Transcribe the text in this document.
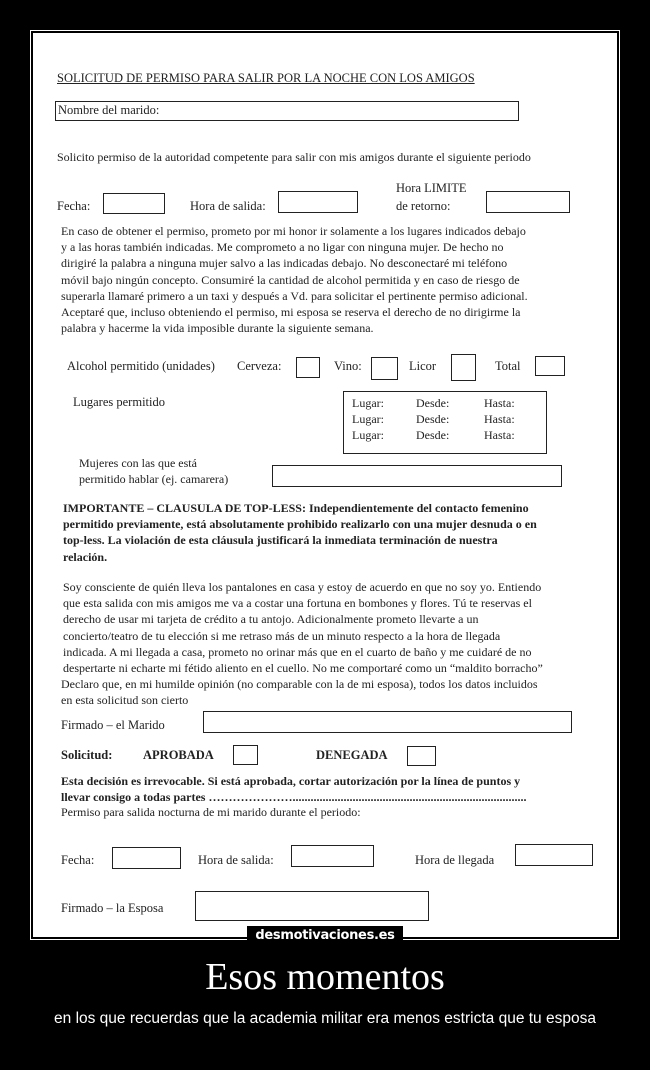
SOLICITUD DE PERMISO PARA SALIR POR LA NOCHE CON LOS AMIGOS
Nombre del marido:
Solicito permiso de la autoridad competente para salir con mis amigos durante el siguiente periodo
Fecha:	Hora de salida:
Hora LIMITE
de retorno:
En caso de obtener el permiso, prometo por mi honor ir solamente a los lugares indicados debajo
y a las horas también indicadas. Me comprometo a no ligar con ninguna mujer. De hecho no
dirigiré la palabra a ninguna mujer salvo a las indicadas debajo. No desconectaré mi teléfono
móvil bajo ningún concepto. Consumiré la cantidad de alcohol permitida y en caso de riesgo de
superarla llamaré primero a un taxi y después a Vd. para solicitar el pertinente permiso adicional.
Aceptaré que, incluso obteniendo el permiso, mi esposa se reserva el derecho de no dirigirme la
palabra y hacerme la vida imposible durante la siguiente semana.
Alcohol permitido (unidades) Cerveza:	Vino:	Licor	Total
Lugares permitido	Lugar:	Desde:	Hasta:
Lugar:	Desde:	Hasta:
Lugar:	Desde:	Hasta:
Mujeres con las que está
permitido hablar (ej. camarera)
IMPORTANTE – CLAUSULA DE TOP-LESS: Independientemente del contacto femenino
permitido previamente, está absolutamente prohibido realizarlo con una mujer desnuda o en
top-less. La violación de esta cláusula justificará la inmediata terminación de nuestra
relación.
Soy consciente de quién lleva los pantalones en casa y estoy de acuerdo en que no soy yo. Entiendo
que esta salida con mis amigos me va a costar una fortuna en bombones y flores. Tú te reservas el
derecho de usar mi tarjeta de crédito a tu antojo. Adicionalmente prometo llevarte a un
concierto/teatro de tu elección si me retraso más de un minuto respecto a la hora de llegada
indicada. A mi llegada a casa, prometo no orinar más que en el cuarto de baño y me cuidaré de no
despertarte ni echarte mi fétido aliento en el cuello. No me comportaré como un “maldito borracho”
Declaro que, en mi humilde opinión (no comparable con la de mi esposa), todos los datos incluidos
en esta solicitud son cierto
Firmado – el Marido
Solicitud: APROBADA	DENEGADA
Esta decisión es irrevocable. Si está aprobada, cortar autorización por la línea de puntos y
llevar consigo a todas partes …………………..............................................................................
Permiso para salida nocturna de mi marido durante el periodo:
Fecha:	Hora de salida:	Hora de llegada
Firmado – la Esposa
desmotivaciones.es
Esos momentos
en los que recuerdas que la academia militar era menos estricta que tu esposa
